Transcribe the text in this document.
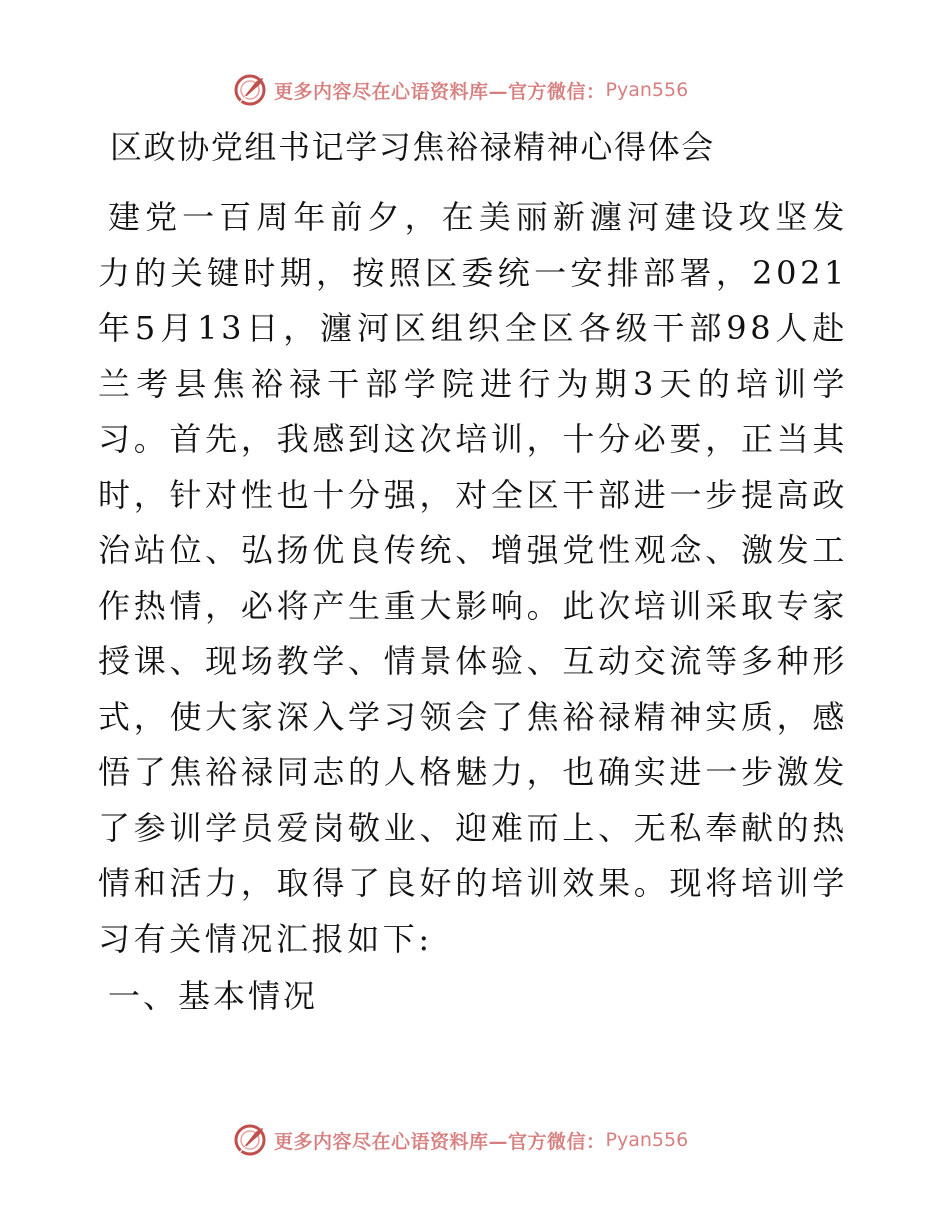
更多内容尽在心语资料库—官方微信： Pyan556
区政协党组书记学习焦裕禄精神心得体会

建党一百周年前夕，在美丽新瀍河建设攻坚发力的关键时期，按照区委统一安排部署，2021年5月13日，瀍河区组织全区各级干部98人赴兰考县焦裕禄干部学院进行为期3天的培训学习。首先，我感到这次培训，十分必要，正当其时，针对性也十分强，对全区干部进一步提高政治站位、弘扬优良传统、增强党性观念、激发工作热情，必将产生重大影响。此次培训采取专家授课、现场教学、情景体验、互动交流等多种形式，使大家深入学习领会了焦裕禄精神实质，感悟了焦裕禄同志的人格魅力，也确实进一步激发了参训学员爱岗敬业、迎难而上、无私奉献的热情和活力，取得了良好的培训效果。现将培训学习有关情况汇报如下:

一、基本情况
更多内容尽在心语资料库—官方微信： Pyan556
